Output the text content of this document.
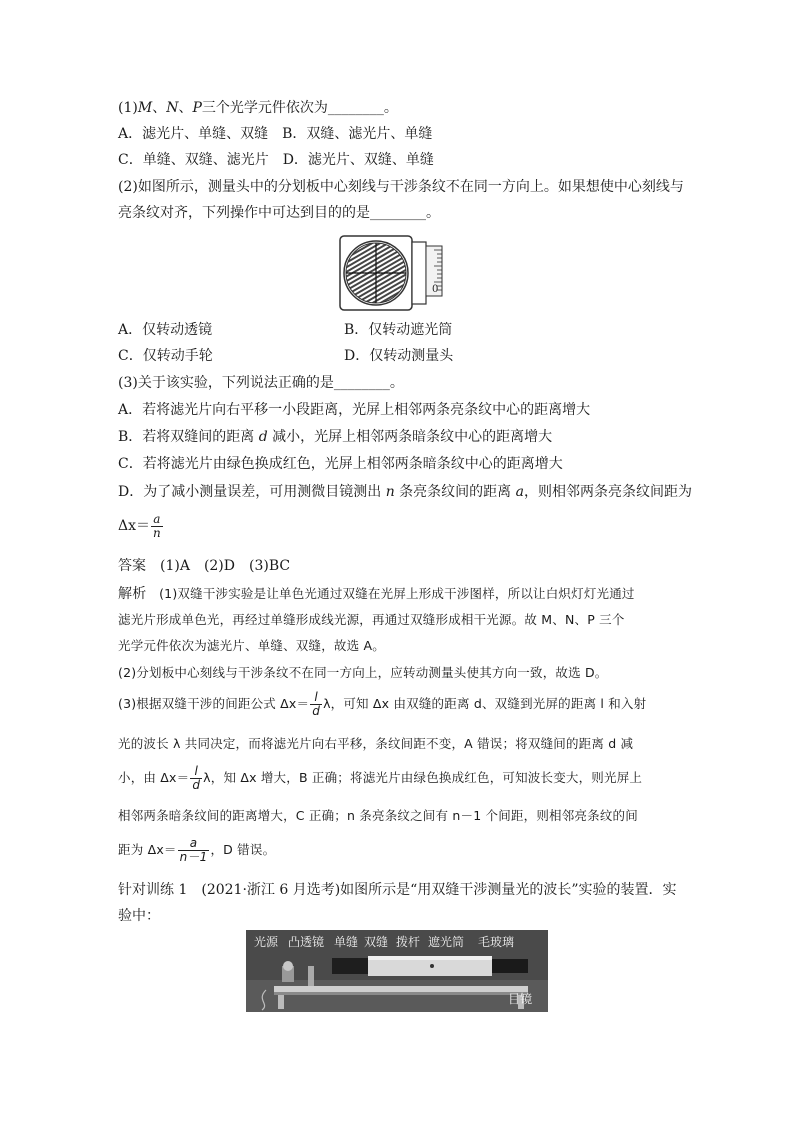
(1)M、N、P三个光学元件依次为________。
A．滤光片、单缝、双缝　B．双缝、滤光片、单缝
C．单缝、双缝、滤光片　D．滤光片、双缝、单缝
(2)如图所示，测量头中的分划板中心刻线与干涉条纹不在同一方向上。如果想使中心刻线与
亮条纹对齐，下列操作中可达到目的的是________。
0
A．仅转动透镜	B．仅转动遮光筒
C．仅转动手轮	D．仅转动测量头
(3)关于该实验，下列说法正确的是________。
A．若将滤光片向右平移一小段距离，光屏上相邻两条亮条纹中心的距离增大
B．若将双缝间的距离 d 减小，光屏上相邻两条暗条纹中心的距离增大
C．若将滤光片由绿色换成红色，光屏上相邻两条暗条纹中心的距离增大
D．为了减小测量误差，可用测微目镜测出 n 条亮条纹间的距离 a，则相邻两条亮条纹间距为
$\Delta x= \frac{a}{n}$
答案　 (1)A　(2)D　(3)BC
解析　 (1)双缝干涉实验是让单色光通过双缝在光屏上形成干涉图样，所以让白炽灯灯光通过
滤光片形成单色光，再经过单缝形成线光源，再通过双缝形成相干光源。故 M、N、P 三个
光学元件依次为滤光片、单缝、双缝，故选 A。
(2)分划板中心刻线与干涉条纹不在同一方向上，应转动测量头使其方向一致，故选 D。
(3)根据双缝干涉的间距公式 $\Delta x= \frac{l}{d}$ λ，可知 Δx 由双缝的距离 d、双缝到光屏的距离 l 和入射
光的波长 λ 共同决定，而将滤光片向右平移，条纹间距不变，A 错误；将双缝间的距离 d 减
小，由 $\Delta x= \frac{l}{d}$ λ，知 Δx 增大，B 正确；将滤光片由绿色换成红色，可知波长变大，则光屏上
相邻两条暗条纹间的距离增大，C 正确；n 条亮条纹之间有 n－1 个间距，则相邻亮条纹的间
距为 $\Delta x= \frac{a}{n-1}$ ，D 错误。
针对训练 1　(2021·浙江 6 月选考)如图所示是“用双缝干涉测量光的波长”实验的装置．实
验中：
光源 凸透镜 单缝 双缝 拨杆 遮光筒 毛玻璃
目镜
